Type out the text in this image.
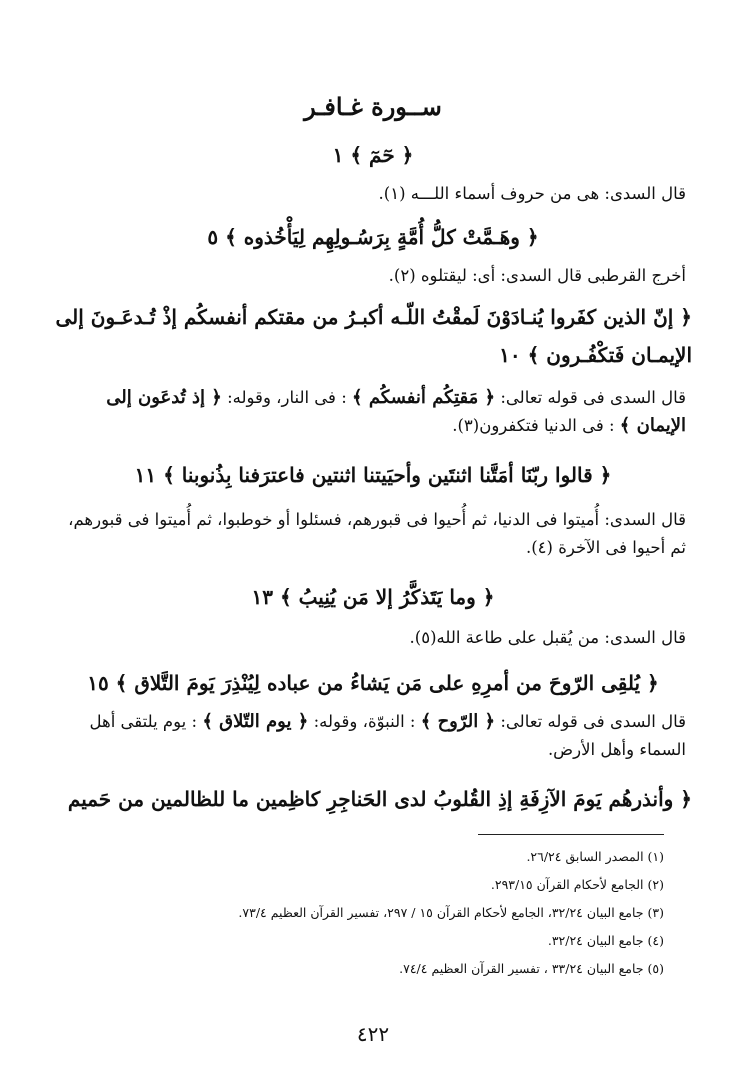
ســورة غـافـر
﴿ حٓمٓ ﴾ ١
قال السدى: هى من حروف أسماء اللـــه (١).
﴿ وهَـمَّتْ كلُّ أُمَّةٍ بِرَسُـولِهِم لِيَأْخُذوه ﴾ ٥
أخرج القرطبى قال السدى: أى: ليقتلوه (٢).
﴿ إنّ الذين كفَروا يُنـادَوْنَ لَمقْتُ اللّـه أكبـرُ من مقتكم أنفسكُم إذْ تُـدعَـونَ إلى الإيمـان فَتكْفُـرون ﴾ ١٠
قال السدى فى قوله تعالى: ﴿ مَقتِكُم أنفسكُم ﴾ : فى النار، وقوله: ﴿ إذ تُدعَون إلى الإيمان ﴾ : فى الدنيا فتكفرون(٣).
﴿ قالوا ربّنَا أمَتَّنا اثنتَين وأحيَيتنا اثنتين فاعترَفنا بِذُنوبنا ﴾ ١١
قال السدى: أُميتوا فى الدنيا، ثم أُحيوا فى قبورهم، فسئلوا أو خوطبوا، ثم أُميتوا فى قبورهم، ثم أحيوا فى الآخرة (٤).
﴿ وما يَتَذكَّرُ إلا مَن يُنِيبُ ﴾ ١٣
قال السدى: من يُقبل على طاعة الله(٥).
﴿ يُلقِى الرّوحَ من أمرِهِ على مَن يَشاءُ من عباده لِيُنْذِرَ يَومَ التَّلاق ﴾ ١٥
قال السدى فى قوله تعالى: ﴿ الرّوح ﴾ : النبوّة، وقوله: ﴿ يوم التّلاق ﴾ : يوم يلتقى أهل السماء وأهل الأرض.
﴿ وأنذرهُم يَومَ الآزِفَةِ إذِ القُلوبُ لدى الحَناجِرِ كاظِمين ما للظالمين من حَميم
(١) المصدر السابق ٢٦/٢٤.
(٢) الجامع لأحكام القرآن ٢٩٣/١٥.
(٣) جامع البيان ٣٢/٢٤، الجامع لأحكام القرآن ١٥ / ٢٩٧، تفسير القرآن العظيم ٧٣/٤.
(٤) جامع البيان ٣٢/٢٤.
(٥) جامع البيان ٣٣/٢٤ ، تفسير القرآن العظيم ٧٤/٤.
٤٢٢
